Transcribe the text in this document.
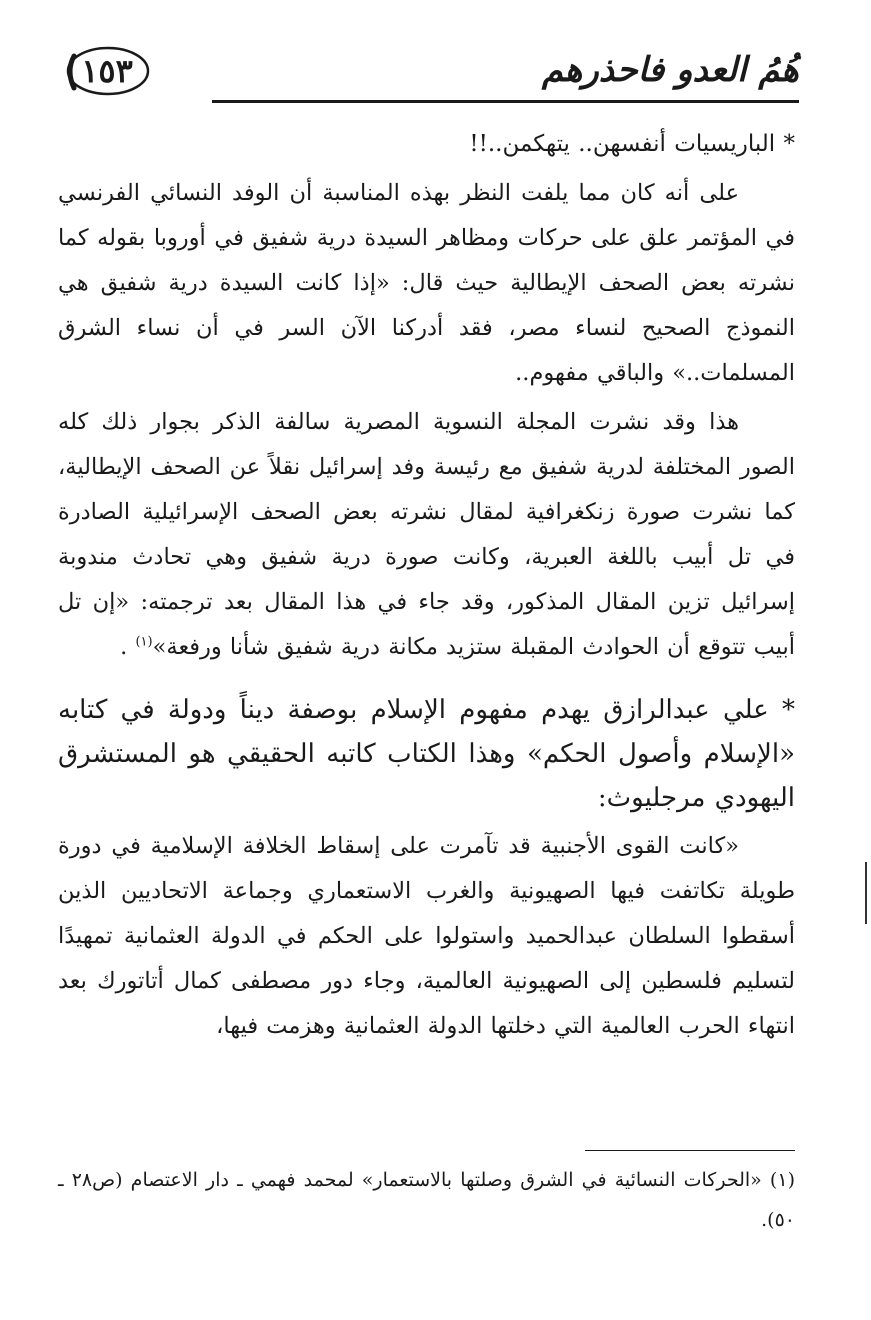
هُمُ العدو فاحذرهم
١٥٣

* الباريسيات أنفسهن.. يتهكمن..!!

على أنه كان مما يلفت النظر بهذه المناسبة أن الوفد النسائي الفرنسي في المؤتمر علق على حركات ومظاهر السيدة درية شفيق في أوروبا بقوله كما نشرته بعض الصحف الإيطالية حيث قال: «إذا كانت السيدة درية شفيق هي النموذج الصحيح لنساء مصر، فقد أدركنا الآن السر في أن نساء الشرق المسلمات..» والباقي مفهوم..

هذا وقد نشرت المجلة النسوية المصرية سالفة الذكر بجوار ذلك كله الصور المختلفة لدرية شفيق مع رئيسة وفد إسرائيل نقلاً عن الصحف الإيطالية، كما نشرت صورة زنكغرافية لمقال نشرته بعض الصحف الإسرائيلية الصادرة في تل أبيب باللغة العبرية، وكانت صورة درية شفيق وهي تحادث مندوبة إسرائيل تزين المقال المذكور، وقد جاء في هذا المقال بعد ترجمته: «إن تل أبيب تتوقع أن الحوادث المقبلة ستزيد مكانة درية شفيق شأنا ورفعة»$^{(١)}$ .

* علي عبدالرازق يهدم مفهوم الإسلام بوصفة ديناً ودولة في كتابه «الإسلام وأصول الحكم» وهذا الكتاب كاتبه الحقيقي هو المستشرق اليهودي مرجليوث:

«كانت القوى الأجنبية قد تآمرت على إسقاط الخلافة الإسلامية في دورة طويلة تكاتفت فيها الصهيونية والغرب الاستعماري وجماعة الاتحاديين الذين أسقطوا السلطان عبدالحميد واستولوا على الحكم في الدولة العثمانية تمهيدًا لتسليم فلسطين إلى الصهيونية العالمية، وجاء دور مصطفى كمال أتاتورك بعد انتهاء الحرب العالمية التي دخلتها الدولة العثمانية وهزمت فيها،

(١) «الحركات النسائية في الشرق وصلتها بالاستعمار» لمحمد فهمي ـ دار الاعتصام (ص٢٨ ـ ٥٠).
